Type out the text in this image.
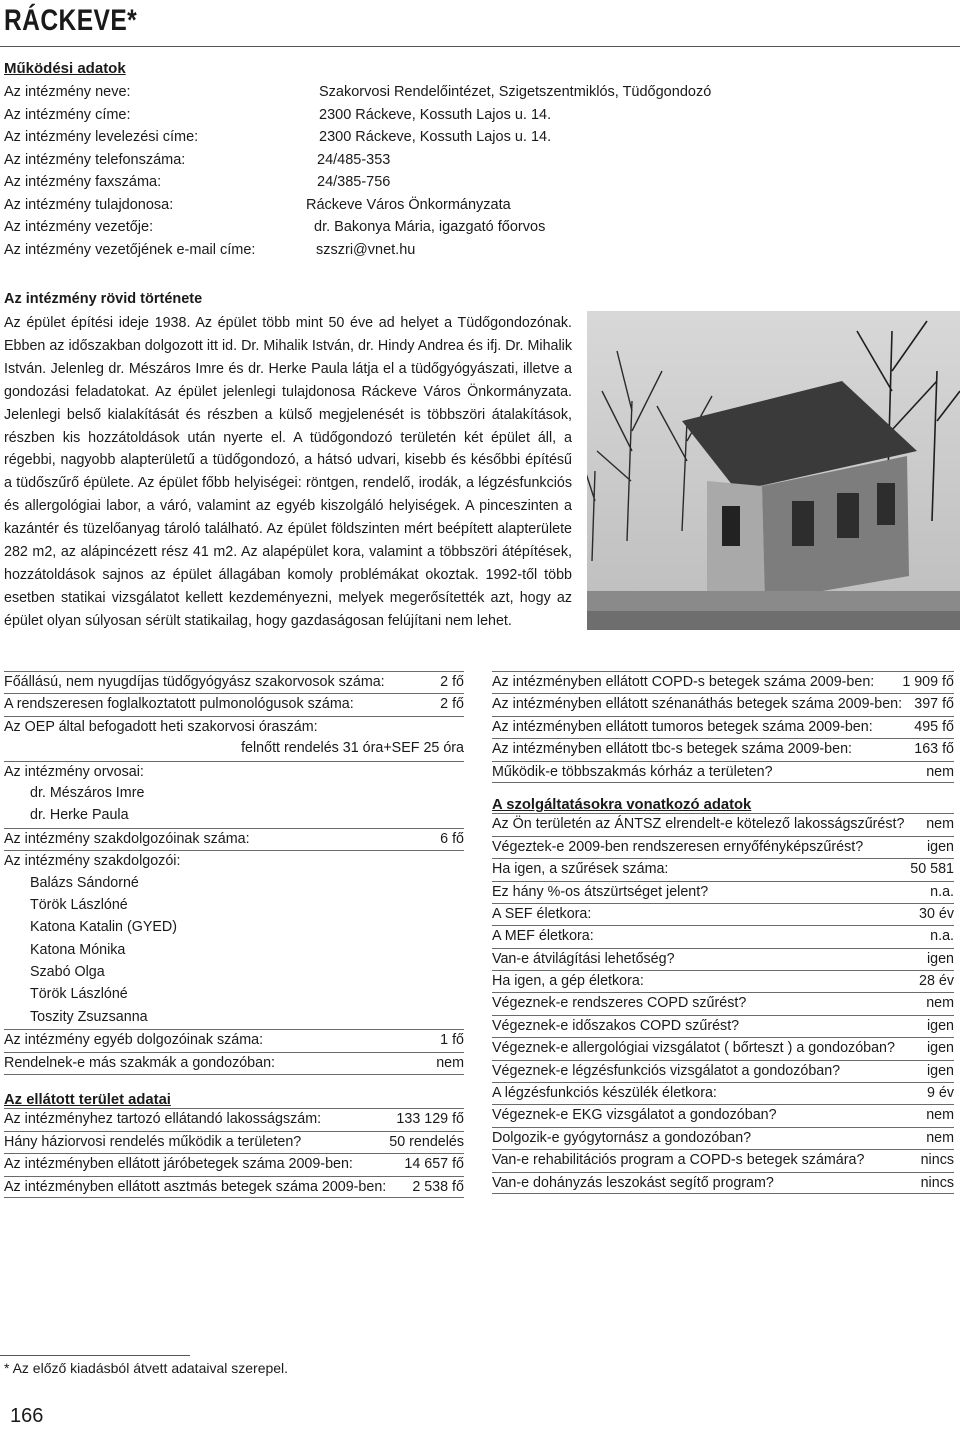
RÁCKEVE*
Működési adatok
Az intézmény neve:	Szakorvosi Rendelőintézet, Szigetszentmiklós, Tüdőgondozó
Az intézmény címe:	2300 Ráckeve, Kossuth Lajos u. 14.
Az intézmény levelezési címe:	2300 Ráckeve, Kossuth Lajos u. 14.
Az intézmény telefonszáma:	24/485-353
Az intézmény faxszáma:	24/385-756
Az intézmény tulajdonosa:	Ráckeve Város Önkormányzata
Az intézmény vezetője:	dr. Bakonya Mária, igazgató főorvos
Az intézmény vezetőjének e-mail címe:	szszri@vnet.hu
Az intézmény rövid története

Az épület építési ideje 1938. Az épület több mint 50 éve ad helyet a Tüdőgondozónak. Ebben az időszakban dolgozott itt id. Dr. Mihalik István, dr. Hindy Andrea és ifj. Dr. Mihalik István. Jelenleg dr. Mészáros Imre és dr. Herke Paula látja el a tüdőgyógyászati, illetve a gondozási feladatokat. Az épület jelenlegi tulajdonosa Ráckeve Város Önkormányzata. Jelenlegi belső kialakítását és részben a külső megjelenését is többszöri átalakítások, részben kis hozzátoldások után nyerte el. A tüdőgondozó területén két épület áll, a régebbi, nagyobb alapterületű a tüdőgondozó, a hátsó udvari, kisebb és későbbi építésű a tüdőszűrő épülete. Az épület főbb helyiségei: röntgen, rendelő, irodák, a légzésfunkciós és allergológiai labor, a váró, valamint az egyéb kiszolgáló helyiségek. A pinceszinten a kazántér és tüzelőanyag tároló található. Az épület földszinten mért beépített alapterülete 282 m2, az alápincézett rész 41 m2. Az alapépület kora, valamint a többszöri átépítések, hozzátoldások sajnos az épület állagában komoly problémákat okoztak. 1992-től több esetben statikai vizsgálatot kellett kezdeményezni, melyek megerősítették azt, hogy az épület olyan súlyosan sérült statikailag, hogy gazdaságosan felújítani nem lehet.

Főállású, nem nyugdíjas tüdőgyógyász szakorvosok száma:	2 fő
A rendszeresen foglalkoztatott pulmonológusok száma:	2 fő
Az OEP által befogadott heti szakorvosi óraszám:
felnőtt rendelés 31 óra+SEF 25 óra
Az intézmény orvosai:
dr. Mészáros Imre
dr. Herke Paula
Az intézmény szakdolgozóinak száma:	6 fő
Az intézmény szakdolgozói:
Balázs Sándorné
Török Lászlóné
Katona Katalin (GYED)
Katona Mónika
Szabó Olga
Török Lászlóné
Toszity Zsuzsanna
Az intézmény egyéb dolgozóinak száma:	1 fő
Rendelnek-e más szakmák a gondozóban:	nem
Az ellátott terület adatai
Az intézményhez tartozó ellátandó lakosságszám:	133 129 fő
Hány háziorvosi rendelés működik a területen?	50 rendelés
Az intézményben ellátott járóbetegek száma 2009-ben:	14 657 fő
Az intézményben ellátott asztmás betegek száma 2009-ben: 2 538 fő
Az intézményben ellátott COPD-s betegek száma 2009-ben: 1 909 fő
Az intézményben ellátott szénanáthás betegek száma 2009-ben: 397 fő
Az intézményben ellátott tumoros betegek száma 2009-ben:	495 fő
Az intézményben ellátott tbc-s betegek száma 2009-ben:	163 fő
Működik-e többszakmás kórház a területen?	nem
A szolgáltatásokra vonatkozó adatok
Az Ön területén az ÁNTSZ elrendelt-e kötelező lakosságszűrést? nem
Végeztek-e 2009-ben rendszeresen ernyőfényképszűrést?	igen
Ha igen, a szűrések száma:	50 581
Ez hány %-os átszürtséget jelent?	n.a.
A SEF életkora:	30 év
A MEF életkora:	n.a.
Van-e átvilágítási lehetőség?	igen
Ha igen, a gép életkora:	28 év
Végeznek-e rendszeres COPD szűrést?	nem
Végeznek-e időszakos COPD szűrést?	igen
Végeznek-e allergológiai vizsgálatot ( bőrteszt ) a gondozóban? igen
Végeznek-e légzésfunkciós vizsgálatot a gondozóban?	igen
A légzésfunkciós készülék életkora:	9 év
Végeznek-e EKG vizsgálatot a gondozóban?	nem
Dolgozik-e gyógytornász a gondozóban?	nem
Van-e rehabilitációs program a COPD-s betegek számára?	nincs
Van-e dohányzás leszokást segítő program?	nincs
* Az előző kiadásból átvett adataival szerepel.
166
